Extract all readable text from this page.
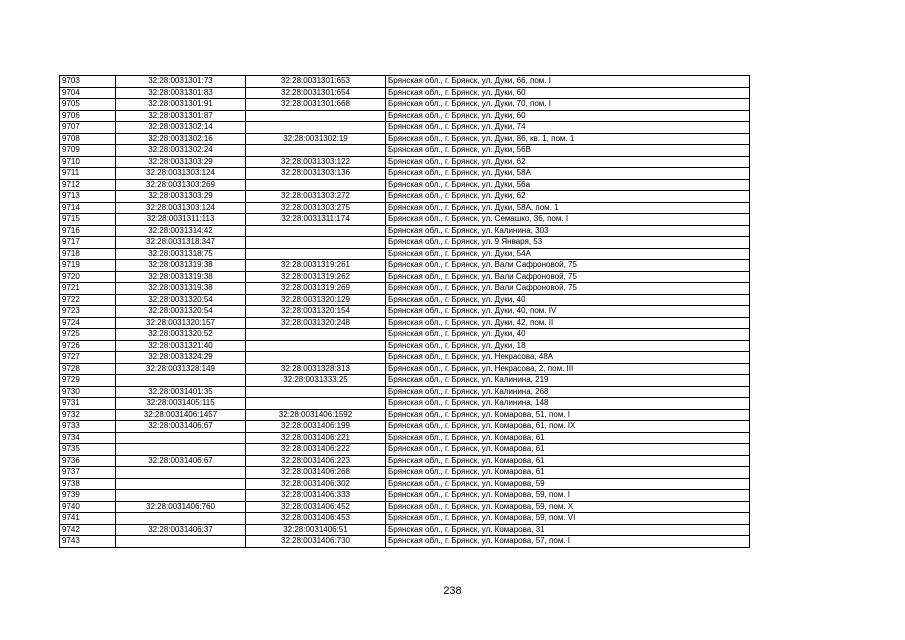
9703	32:28:0031301:73	32:28:0031301:653	Брянская обл., г. Брянск, ул. Дуки, 66, пом. I
9704	32:28:0031301:83	32:28:0031301:654	Брянская обл., г. Брянск, ул. Дуки, 60
9705	32:28:0031301:91	32:28:0031301:668	Брянская обл., г. Брянск, ул. Дуки, 70, пом. I
9706	32:28:0031301:87		Брянская обл., г. Брянск, ул. Дуки, 60
9707	32:28:0031302:14		Брянская обл., г. Брянск, ул. Дуки, 74
9708	32:28:0031302:16	32:28:0031302:19	Брянская обл., г. Брянск, ул. Дуки, 86, кв. 1, пом. 1
9709	32:28:0031302:24		Брянская обл., г. Брянск, ул. Дуки, 56В
9710	32:28:0031303:29	32:28:0031303:122	Брянская обл., г. Брянск, ул. Дуки, 62
9711	32:28:0031303:124	32:28:0031303:136	Брянская обл., г. Брянск, ул. Дуки, 58А
9712	32:28:0031303:269		Брянская обл., г. Брянск, ул. Дуки, 56а
9713	32:28:0031303:29	32:28:0031303:272	Брянская обл., г. Брянск, ул. Дуки, 62
9714	32:28:0031303:124	32:28:0031303:275	Брянская обл., г. Брянск, ул. Дуки, 58А, пом. 1
9715	32:28:0031311:113	32:28:0031311:174	Брянская обл., г. Брянск, ул. Семашко, 36, пом. I
9716	32:28:0031314:42		Брянская обл., г. Брянск, ул. Калинина, 303
9717	32:28:0031318:347		Брянская обл., г. Брянск, ул. 9 Января, 53
9718	32:28:0031318:75		Брянская обл., г. Брянск, ул. Дуки, 54А
9719	32:28:0031319:38	32:28:0031319:261	Брянская обл., г. Брянск, ул. Вали Сафроновой, 75
9720	32:28:0031319:38	32:28:0031319:262	Брянская обл., г. Брянск, ул. Вали Сафроновой, 75
9721	32:28:0031319:38	32:28:0031319:269	Брянская обл., г. Брянск, ул. Вали Сафроновой, 75
9722	32:28:0031320:54	32:28:0031320:129	Брянская обл., г. Брянск, ул. Дуки, 40
9723	32:28:0031320:54	32:28:0031320:154	Брянская обл., г. Брянск, ул. Дуки, 40, пом. IV
9724	32:28:0031320:157	32:28:0031320:248	Брянская обл., г. Брянск, ул. Дуки, 42, пом. II
9725	32:28:0031320:52		Брянская обл., г. Брянск, ул. Дуки, 40
9726	32:28:0031321:40		Брянская обл., г. Брянск, ул. Дуки, 18
9727	32:28:0031324:29		Брянская обл., г. Брянск, ул. Некрасова, 48А
9728	32:28:0031328:149	32:28:0031328:313	Брянская обл., г. Брянск, ул. Некрасова, 2, пом. III
9729		32:28:0031333:25	Брянская обл., г. Брянск, ул. Калинина, 219
9730	32:28:0031401:35		Брянская обл., г. Брянск, ул. Калинина, 268
9731	32:28:0031405:115		Брянская обл., г. Брянск, ул. Калинина, 148
9732	32:28:0031406:1457	32:28:0031406:1592	Брянская обл., г. Брянск, ул. Комарова, 51, пом. I
9733	32:28:0031406:67	32:28:0031406:199	Брянская обл., г. Брянск, ул. Комарова, 61, пом. IX
9734		32:28:0031406:221	Брянская обл., г. Брянск, ул. Комарова, 61
9735		32:28:0031406:222	Брянская обл., г. Брянск, ул. Комарова, 61
9736	32:28:0031406:67	32:28:0031406:223	Брянская обл., г. Брянск, ул. Комарова, 61
9737		32:28:0031406:268	Брянская обл., г. Брянск, ул. Комарова, 61
9738		32:28:0031406:302	Брянская обл., г. Брянск, ул. Комарова, 59
9739		32:28:0031406:333	Брянская обл., г. Брянск, ул. Комарова, 59, пом. I
9740	32:28:0031406:760	32:28:0031406:452	Брянская обл., г. Брянск, ул. Комарова, 59, пом. X
9741		32:28:0031406:453	Брянская обл., г. Брянск, ул. Комарова, 59, пом. VI
9742	32:28:0031406:37	32:28:0031406:51	Брянская обл., г. Брянск, ул. Комарова, 31
9743		32:28:0031406:730	Брянская обл., г. Брянск, ул. Комарова, 57, пом. I
238
